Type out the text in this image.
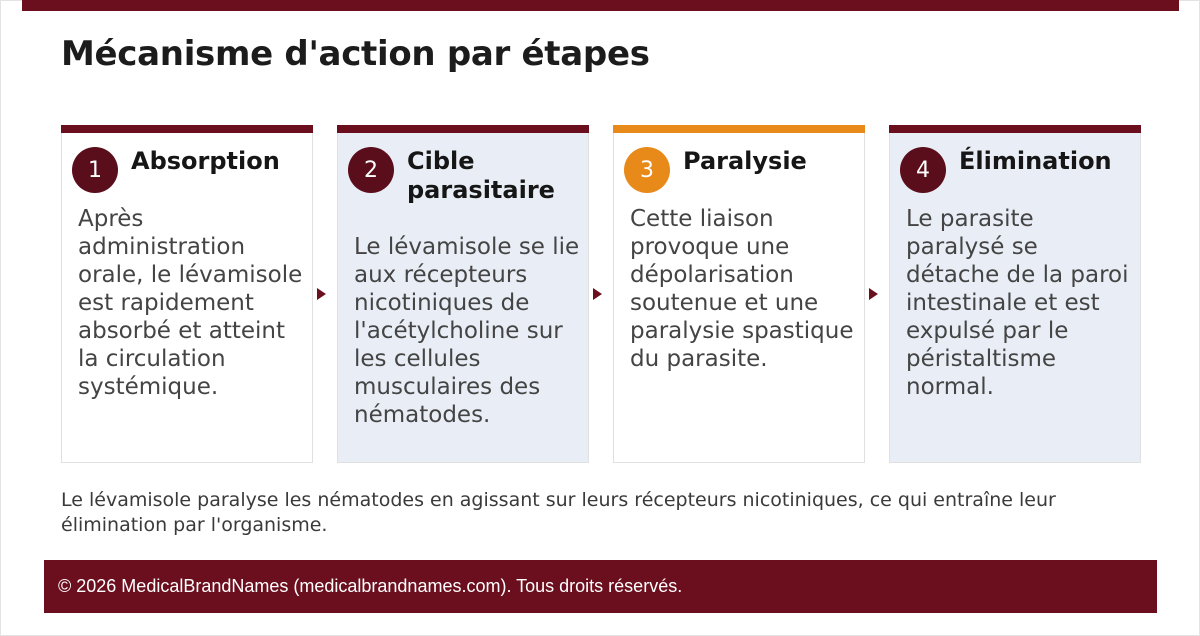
Mécanisme d'action par étapes
1	Absorption
Après administration orale, le lévamisole est rapidement absorbé et atteint la circulation systémique.
2	Cible parasitaire
Le lévamisole se lie aux récepteurs nicotiniques de l'acétylcholine sur les cellules musculaires des nématodes.
3	Paralysie
Cette liaison provoque une dépolarisation soutenue et une paralysie spastique du parasite.
4	Élimination
Le parasite paralysé se détache de la paroi intestinale et est expulsé par le péristaltisme normal.

Le lévamisole paralyse les nématodes en agissant sur leurs récepteurs nicotiniques, ce qui entraîne leur élimination par l'organisme.

© 2026 MedicalBrandNames (medicalbrandnames.com). Tous droits réservés.
